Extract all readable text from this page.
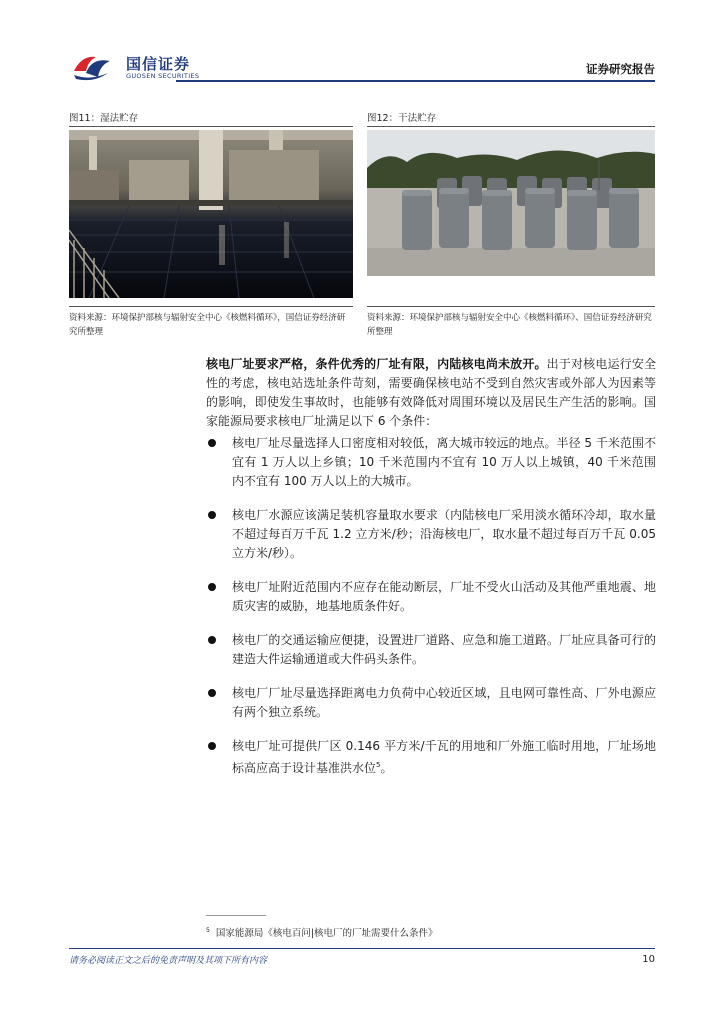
国信证券
GUOSEN SECURITIES	证券研究报告
图11：湿法贮存
资料来源：环境保护部核与辐射安全中心《核燃料循环》，国信证券经济研究所整理
图12：干法贮存
资料来源：环境保护部核与辐射安全中心《核燃料循环》、国信证券经济研究所整理
核电厂址要求严格，条件优秀的厂址有限，内陆核电尚未放开。出于对核电运行安全性的考虑，核电站选址条件苛刻，需要确保核电站不受到自然灾害或外部人为因素等的影响，即使发生事故时，也能够有效降低对周围环境以及居民生产生活的影响。国家能源局要求核电厂址满足以下 6 个条件：
核电厂址尽量选择人口密度相对较低，离大城市较远的地点。半径 5 千米范围不宜有 1 万人以上乡镇；10 千米范围内不宜有 10 万人以上城镇，40 千米范围内不宜有 100 万人以上的大城市。
核电厂水源应该满足装机容量取水要求（内陆核电厂采用淡水循环冷却，取水量不超过每百万千瓦 1.2 立方米/秒；沿海核电厂，取水量不超过每百万千瓦 0.05 立方米/秒）。
核电厂址附近范围内不应存在能动断层，厂址不受火山活动及其他严重地震、地质灾害的威胁，地基地质条件好。
核电厂的交通运输应便捷，设置进厂道路、应急和施工道路。厂址应具备可行的建造大件运输通道或大件码头条件。
核电厂厂址尽量选择距离电力负荷中心较近区域，且电网可靠性高、厂外电源应有两个独立系统。
核电厂址可提供厂区 0.146 平方米/千瓦的用地和厂外施工临时用地，厂址场地标高应高于设计基准洪水位$^5$。
$^5$ 国家能源局《核电百问|核电厂的厂址需要什么条件》
请务必阅读正文之后的免责声明及其项下所有内容	10
